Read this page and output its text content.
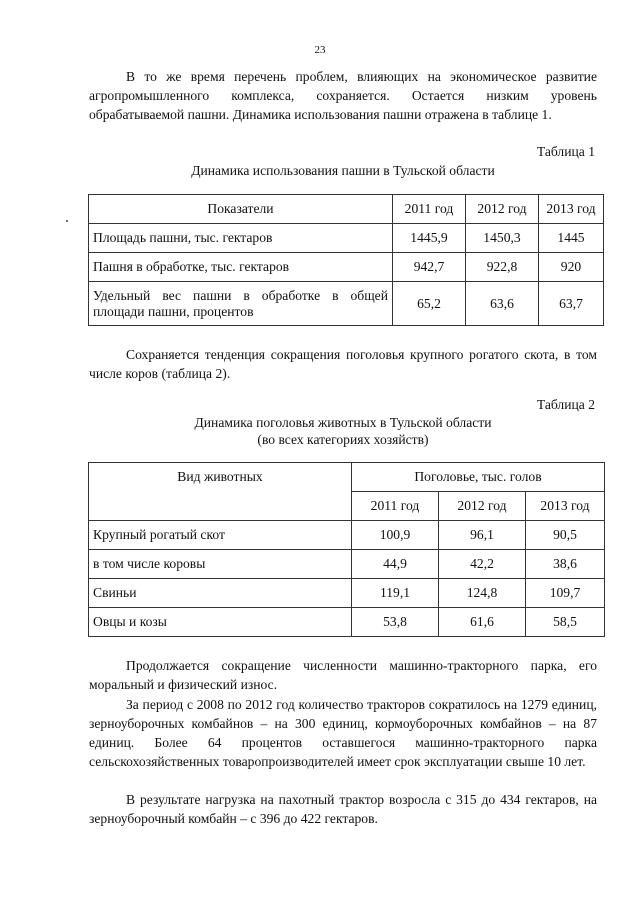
23

В то же время перечень проблем, влияющих на экономическое развитие агропромышленного комплекса, сохраняется. Остается низким уровень обрабатываемой пашни. Динамика использования пашни отражена в таблице 1.

Таблица 1
Динамика использования пашни в Тульской области
Показатели	2011 год	2012 год	2013 год
Площадь пашни, тыс. гектаров	1445,9	1450,3	1445
Пашня в обработке, тыс. гектаров	942,7	922,8	920
Удельный вес пашни в обработке в общей площади пашни, процентов	65,2	63,6	63,7

Сохраняется тенденция сокращения поголовья крупного рогатого скота, в том числе коров (таблица 2).

Таблица 2
Динамика поголовья животных в Тульской области
(во всех категориях хозяйств)
Вид животных	Поголовье, тыс. голов		
	2011 год	2012 год	2013 год
Крупный рогатый скот	100,9	96,1	90,5
в том числе коровы	44,9	42,2	38,6
Свиньи	119,1	124,8	109,7
Овцы и козы	53,8	61,6	58,5

Продолжается сокращение численности машинно-тракторного парка, его моральный и физический износ.

За период с 2008 по 2012 год количество тракторов сократилось на 1279 единиц, зерноуборочных комбайнов – на 300 единиц, кормоуборочных комбайнов – на 87 единиц. Более 64 процентов оставшегося машинно-тракторного парка сельскохозяйственных товаропроизводителей имеет срок эксплуатации свыше 10 лет.

В результате нагрузка на пахотный трактор возросла с 315 до 434 гектаров, на зерноуборочный комбайн – с 396 до 422 гектаров.
